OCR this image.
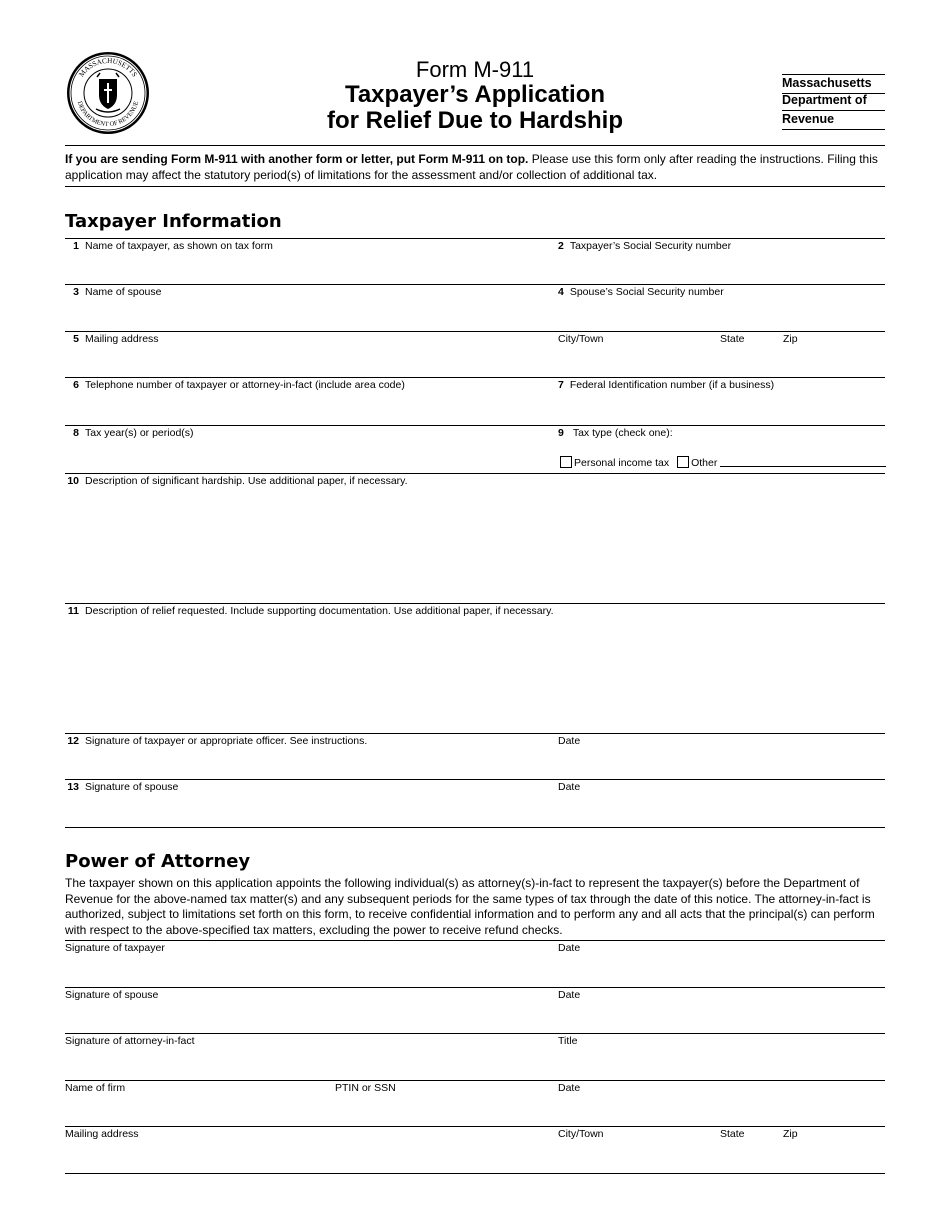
MASSACHUSETTS
DEPARTMENT OF REVENUE
Form M-911
Taxpayer’s Application
for Relief Due to Hardship
Massachusetts
Department of
Revenue
If you are sending Form M-911 with another form or letter, put Form M-911 on top. Please use this form only after reading the instructions. Filing this application may affect the statutory period(s) of limitations for the assessment and/or collection of additional tax.
Taxpayer Information
1 Name of taxpayer, as shown on tax form	2 Taxpayer’s Social Security number
3 Name of spouse	4 Spouse’s Social Security number
5 Mailing address	City/Town	State	Zip
6 Telephone number of taxpayer or attorney-in-fact (include area code)	7 Federal Identification number (if a business)
8 Tax year(s) or period(s)	9 Tax type (check one):
Personal income tax Other
10 Description of significant hardship. Use additional paper, if necessary.
11 Description of relief requested. Include supporting documentation. Use additional paper, if necessary.
12 Signature of taxpayer or appropriate officer. See instructions.	Date
13 Signature of spouse	Date
Power of Attorney
The taxpayer shown on this application appoints the following individual(s) as attorney(s)-in-fact to represent the taxpayer(s) before the Department of Revenue for the above-named tax matter(s) and any subsequent periods for the same types of tax through the date of this notice. The attorney-in-fact is authorized, subject to limitations set forth on this form, to receive confidential information and to perform any and all acts that the principal(s) can perform with respect to the above-specified tax matters, excluding the power to receive refund checks.
Signature of taxpayer	Date
Signature of spouse	Date
Signature of attorney-in-fact	Title
Name of firm	PTIN or SSN	Date
Mailing address	City/Town	State	Zip
